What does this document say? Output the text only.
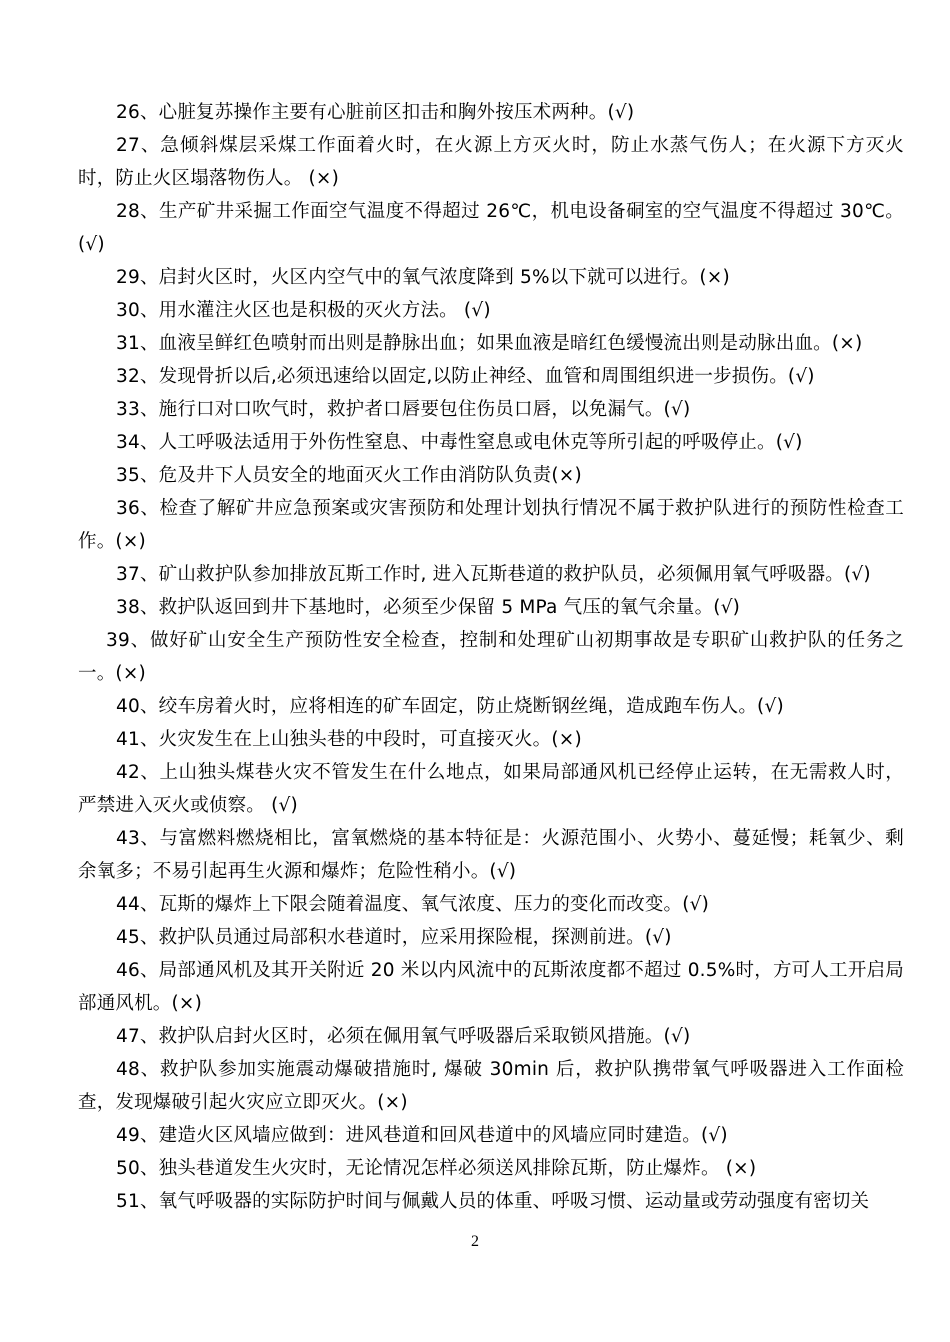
26、心脏复苏操作主要有心脏前区扣击和胸外按压术两种。(√)

27、急倾斜煤层采煤工作面着火时，在火源上方灭火时，防止水蒸气伤人；在火源下方灭火时，防止火区塌落物伤人。 (×)

28、生产矿井采掘工作面空气温度不得超过 26℃，机电设备硐室的空气温度不得超过 30℃。(√)

29、启封火区时，火区内空气中的氧气浓度降到 5%以下就可以进行。(×)

30、用水灌注火区也是积极的灭火方法。 (√)

31、血液呈鲜红色喷射而出则是静脉出血；如果血液是暗红色缓慢流出则是动脉出血。(×)

32、发现骨折以后,必须迅速给以固定,以防止神经、血管和周围组织进一步损伤。(√)

33、施行口对口吹气时，救护者口唇要包住伤员口唇，以免漏气。(√)

34、人工呼吸法适用于外伤性窒息、中毒性窒息或电休克等所引起的呼吸停止。(√)

35、危及井下人员安全的地面灭火工作由消防队负责(×)

36、检查了解矿井应急预案或灾害预防和处理计划执行情况不属于救护队进行的预防性检查工作。(×)

37、矿山救护队参加排放瓦斯工作时, 进入瓦斯巷道的救护队员，必须佩用氧气呼吸器。(√)

38、救护队返回到井下基地时，必须至少保留 5 MPa 气压的氧气余量。(√)

39、做好矿山安全生产预防性安全检查，控制和处理矿山初期事故是专职矿山救护队的任务之一。(×)

40、绞车房着火时，应将相连的矿车固定，防止烧断钢丝绳，造成跑车伤人。(√)

41、火灾发生在上山独头巷的中段时，可直接灭火。(×)

42、上山独头煤巷火灾不管发生在什么地点，如果局部通风机已经停止运转，在无需救人时，严禁进入灭火或侦察。 (√)

43、与富燃料燃烧相比，富氧燃烧的基本特征是：火源范围小、火势小、蔓延慢；耗氧少、剩余氧多；不易引起再生火源和爆炸；危险性稍小。(√)

44、瓦斯的爆炸上下限会随着温度、氧气浓度、压力的变化而改变。(√)

45、救护队员通过局部积水巷道时，应采用探险棍，探测前进。(√)

46、局部通风机及其开关附近 20 米以内风流中的瓦斯浓度都不超过 0.5%时，方可人工开启局部通风机。(×)

47、救护队启封火区时，必须在佩用氧气呼吸器后采取锁风措施。(√)

48、救护队参加实施震动爆破措施时, 爆破 30min 后，救护队携带氧气呼吸器进入工作面检查，发现爆破引起火灾应立即灭火。(×)

49、建造火区风墙应做到：进风巷道和回风巷道中的风墙应同时建造。(√)

50、独头巷道发生火灾时，无论情况怎样必须送风排除瓦斯，防止爆炸。 (×)

51、氧气呼吸器的实际防护时间与佩戴人员的体重、呼吸习惯、运动量或劳动强度有密切关

2
